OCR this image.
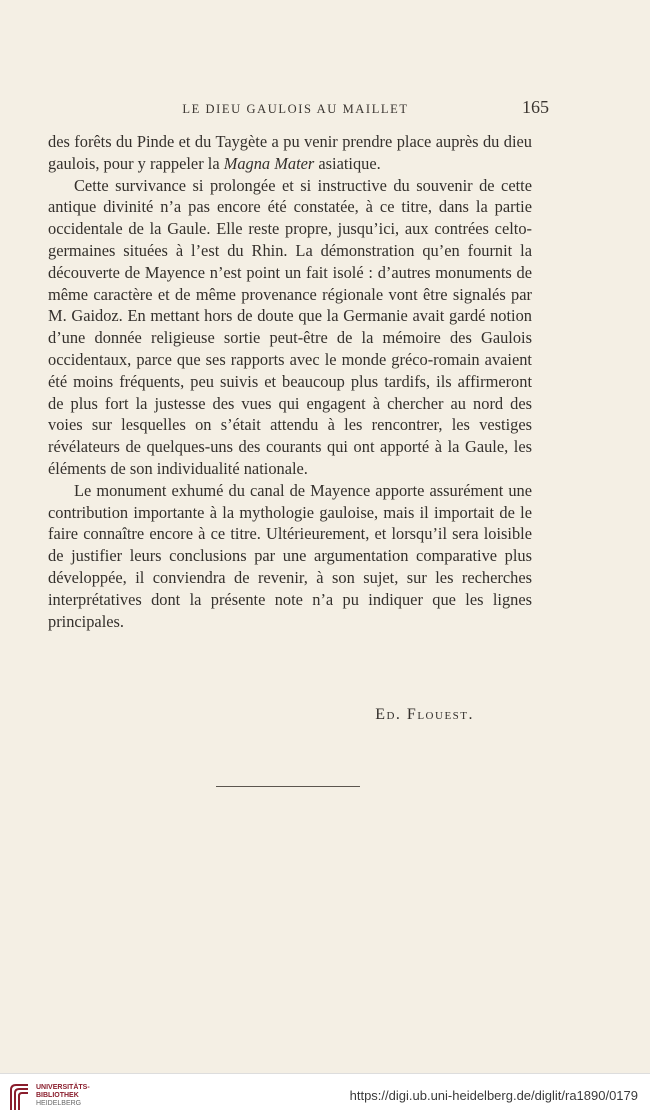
LE DIEU GAULOIS AU MAILLET	165

des forêts du Pinde et du Taygète a pu venir prendre place auprès du dieu gaulois, pour y rappeler la Magna Mater asiatique.

Cette survivance si prolongée et si instructive du souvenir de cette antique divinité n’a pas encore été constatée, à ce titre, dans la partie occidentale de la Gaule. Elle reste propre, jusqu’ici, aux contrées celto-germaines situées à l’est du Rhin. La démonstration qu’en fournit la découverte de Mayence n’est point un fait isolé : d’autres monuments de même caractère et de même provenance régionale vont être signalés par M. Gaidoz. En mettant hors de doute que la Germanie avait gardé notion d’une donnée religieuse sortie peut-être de la mémoire des Gaulois occidentaux, parce que ses rapports avec le monde gréco-romain avaient été moins fréquents, peu suivis et beaucoup plus tardifs, ils affirmeront de plus fort la justesse des vues qui engagent à chercher au nord des voies sur lesquelles on s’était attendu à les rencontrer, les vestiges révélateurs de quelques-uns des courants qui ont apporté à la Gaule, les éléments de son individualité nationale.

Le monument exhumé du canal de Mayence apporte assurément une contribution importante à la mythologie gauloise, mais il importait de le faire connaître encore à ce titre. Ultérieurement, et lorsqu’il sera loisible de justifier leurs conclusions par une argumentation comparative plus développée, il conviendra de revenir, à son sujet, sur les recherches interprétatives dont la présente note n’a pu indiquer que les lignes principales.

Ed. Flouest.
UNIVERSITÄTS-
BIBLIOTHEK
HEIDELBERG
https://digi.ub.uni-heidelberg.de/diglit/ra1890/0179
